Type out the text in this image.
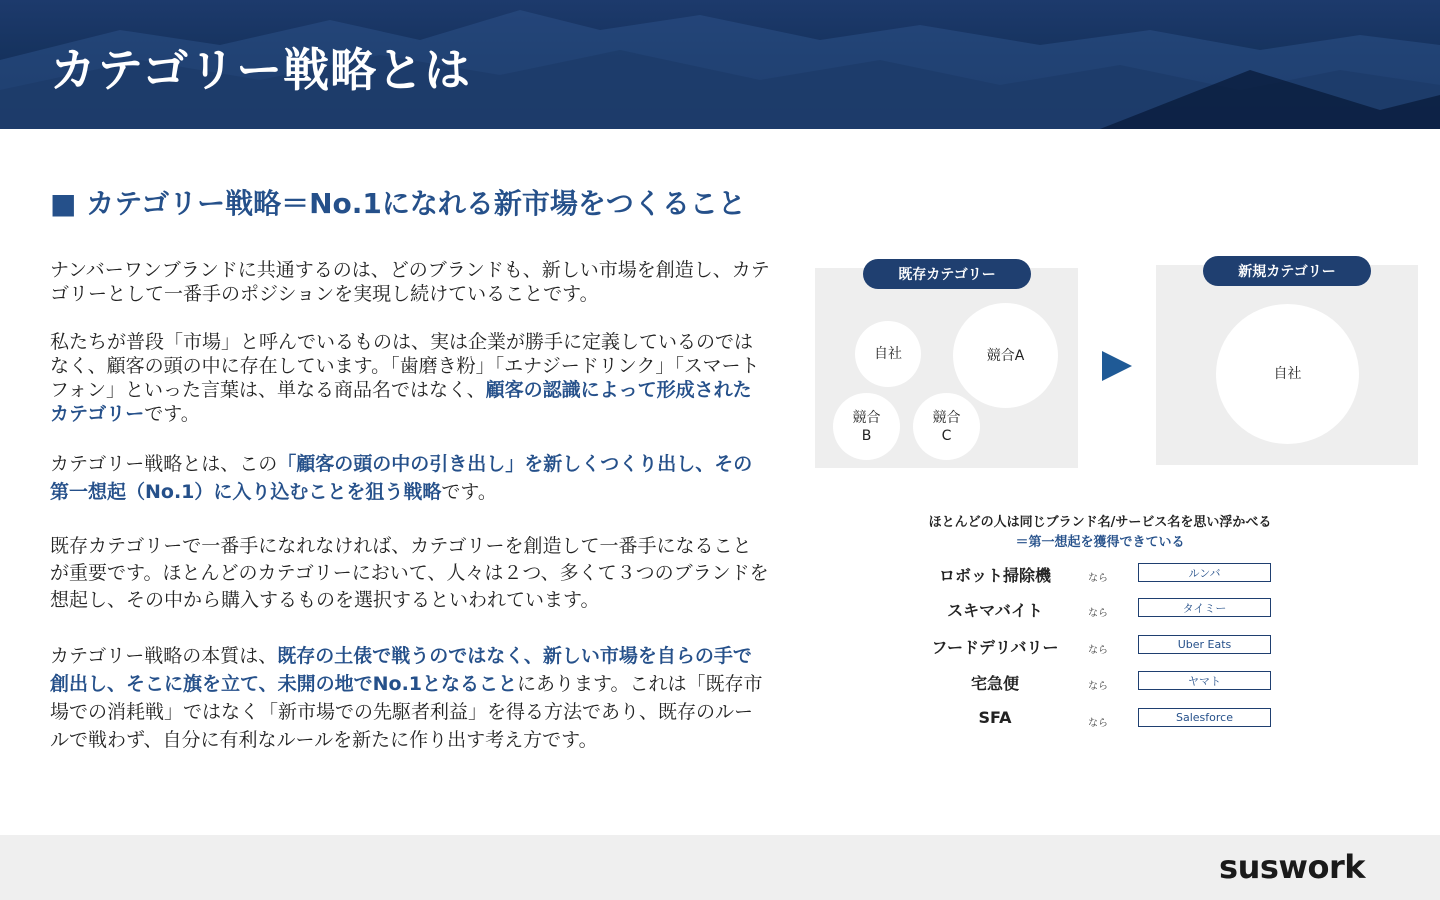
カテゴリー戦略とは
■ カテゴリー戦略＝No.1になれる新市場をつくること
ナンバーワンブランドに共通するのは、どのブランドも、新しい市場を創造し、カテゴリーとして一番手のポジションを実現し続けていることです。
私たちが普段「市場」と呼んでいるものは、実は企業が勝手に定義しているのではなく、顧客の頭の中に存在しています。「歯磨き粉」「エナジードリンク」「スマートフォン」といった言葉は、単なる商品名ではなく、顧客の認識によって形成されたカテゴリーです。
カテゴリー戦略とは、この「顧客の頭の中の引き出し」を新しくつくり出し、その第一想起（No.1）に入り込むことを狙う戦略です。
既存カテゴリーで一番手になれなければ、カテゴリーを創造して一番手になることが重要です。ほとんどのカテゴリーにおいて、人々は２つ、多くて３つのブランドを想起し、その中から購入するものを選択するといわれています。
カテゴリー戦略の本質は、既存の土俵で戦うのではなく、新しい市場を自らの手で創出し、そこに旗を立て、未開の地でNo.1となることにあります。これは「既存市場での消耗戦」ではなく「新市場での先駆者利益」を得る方法であり、既存のルールで戦わず、自分に有利なルールを新たに作り出す考え方です。
既存カテゴリー
自社	競合A
競合
B
競合
C
新規カテゴリー
自社
ほとんどの人は同じブランド名/サービス名を思い浮かべる
＝第一想起を獲得できている
ロボット掃除機	なら	ルンバ
スキマバイト	なら	タイミー
フードデリバリー	なら	Uber Eats
宅急便	なら	ヤマト
SFA	なら	Salesforce
suswork
